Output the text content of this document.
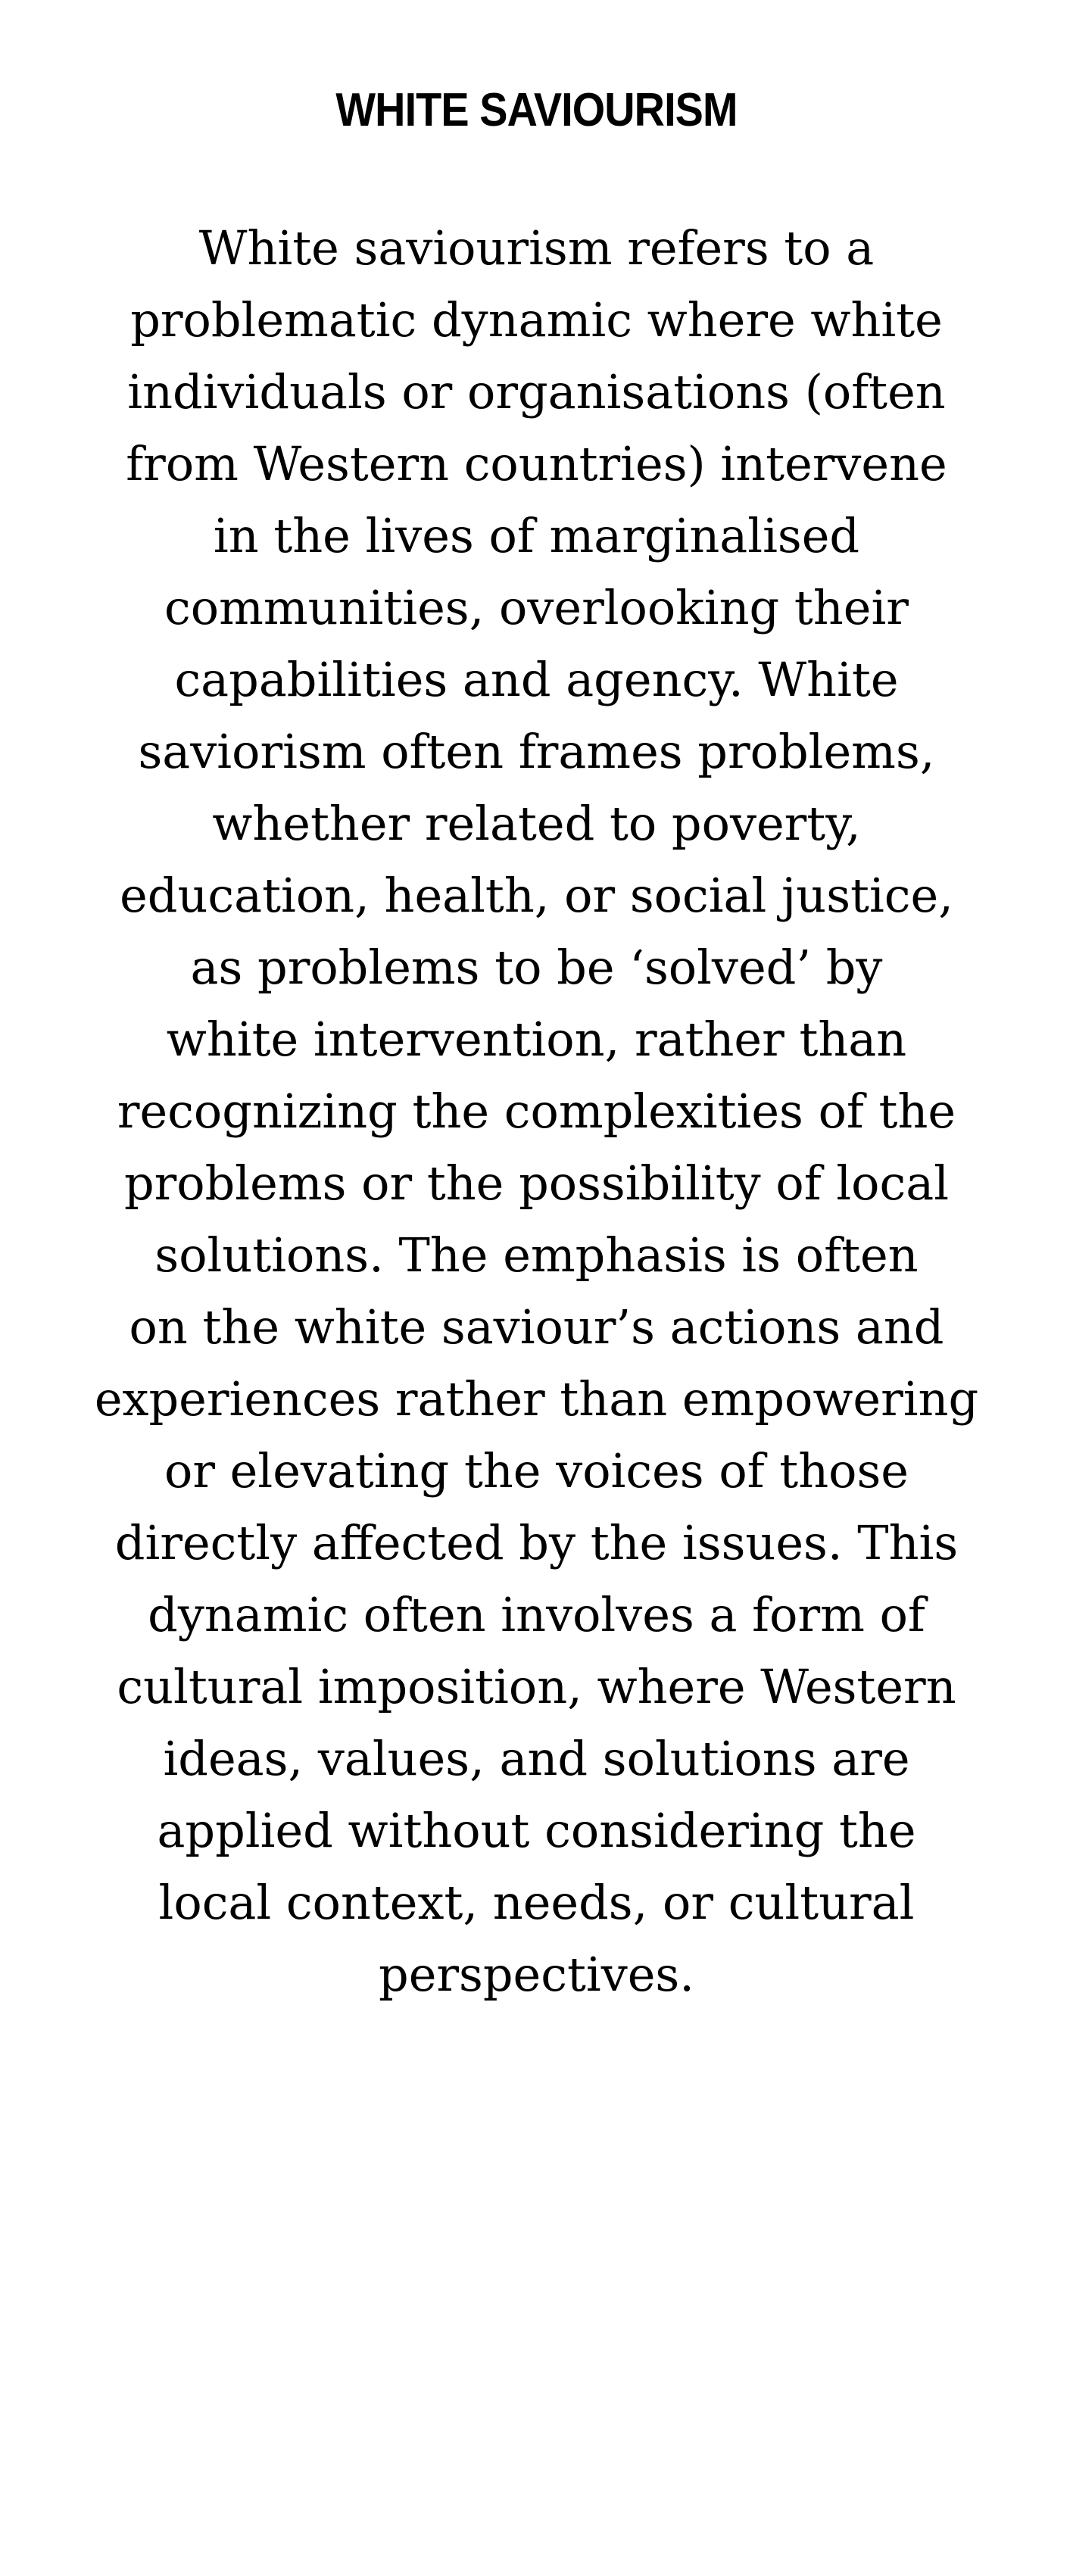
WHITE SAVIOURISM
White saviourism refers to a
problematic dynamic where white
individuals or organisations (often
from Western countries) intervene
in the lives of marginalised
communities, overlooking their
capabilities and agency. White
saviorism often frames problems,
whether related to poverty,
education, health, or social justice,
as problems to be ‘solved’ by
white intervention, rather than
recognizing the complexities of the
problems or the possibility of local
solutions. The emphasis is often
on the white saviour’s actions and
experiences rather than empowering
or elevating the voices of those
directly affected by the issues. This
dynamic often involves a form of
cultural imposition, where Western
ideas, values, and solutions are
applied without considering the
local context, needs, or cultural
perspectives.
